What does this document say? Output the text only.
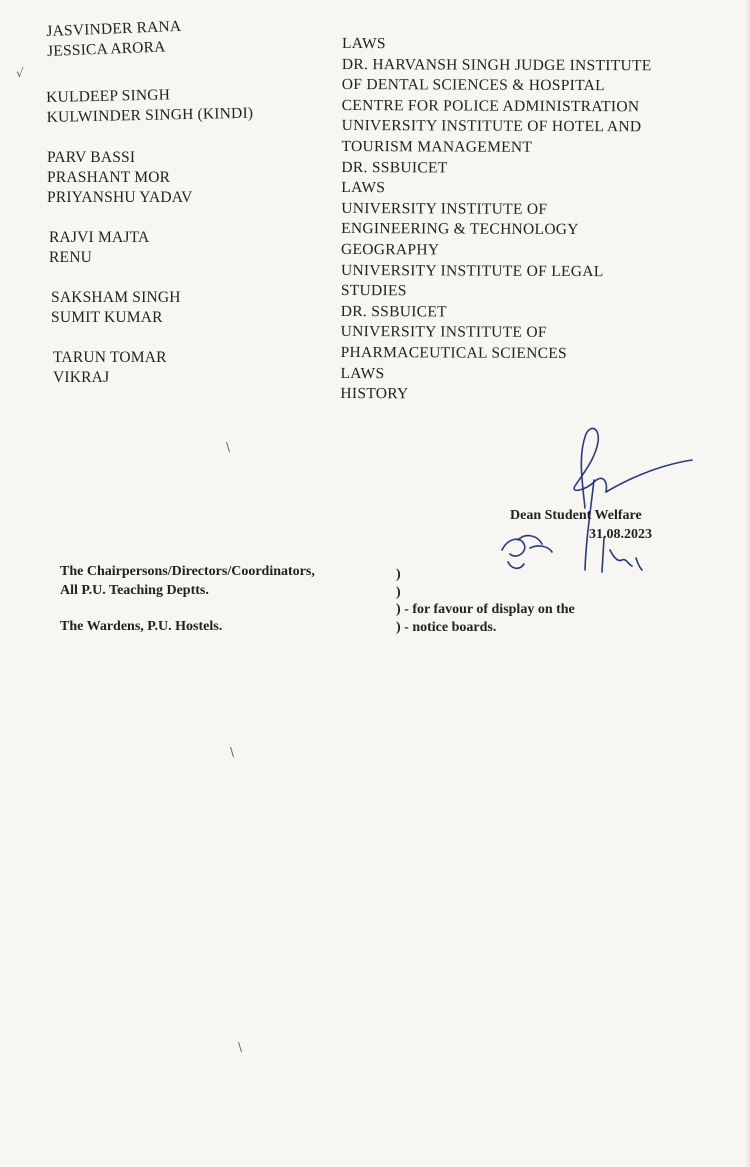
JASVINDER RANA
JESSICA ARORA
KULDEEP SINGH
KULWINDER SINGH (KINDI)
PARV BASSI
PRASHANT MOR
PRIYANSHU YADAV
RAJVI MAJTA
RENU
SAKSHAM SINGH
SUMIT KUMAR
TARUN TOMAR
VIKRAJ
LAWS
DR. HARVANSH SINGH JUDGE INSTITUTE
OF DENTAL SCIENCES & HOSPITAL
CENTRE FOR POLICE ADMINISTRATION
UNIVERSITY INSTITUTE OF HOTEL AND
TOURISM MANAGEMENT
DR. SSBUICET
LAWS
UNIVERSITY INSTITUTE OF
ENGINEERING & TECHNOLOGY
GEOGRAPHY
UNIVERSITY INSTITUTE OF LEGAL
STUDIES
DR. SSBUICET
UNIVERSITY INSTITUTE OF
PHARMACEUTICAL SCIENCES
LAWS
HISTORY
Dean Student Welfare
31.08.2023
The Chairpersons/Directors/Coordinators,
All P.U. Teaching Deptts.
The Wardens, P.U. Hostels.
)
)
) - for favour of display on the
) - notice boards.
√
\
\
\
